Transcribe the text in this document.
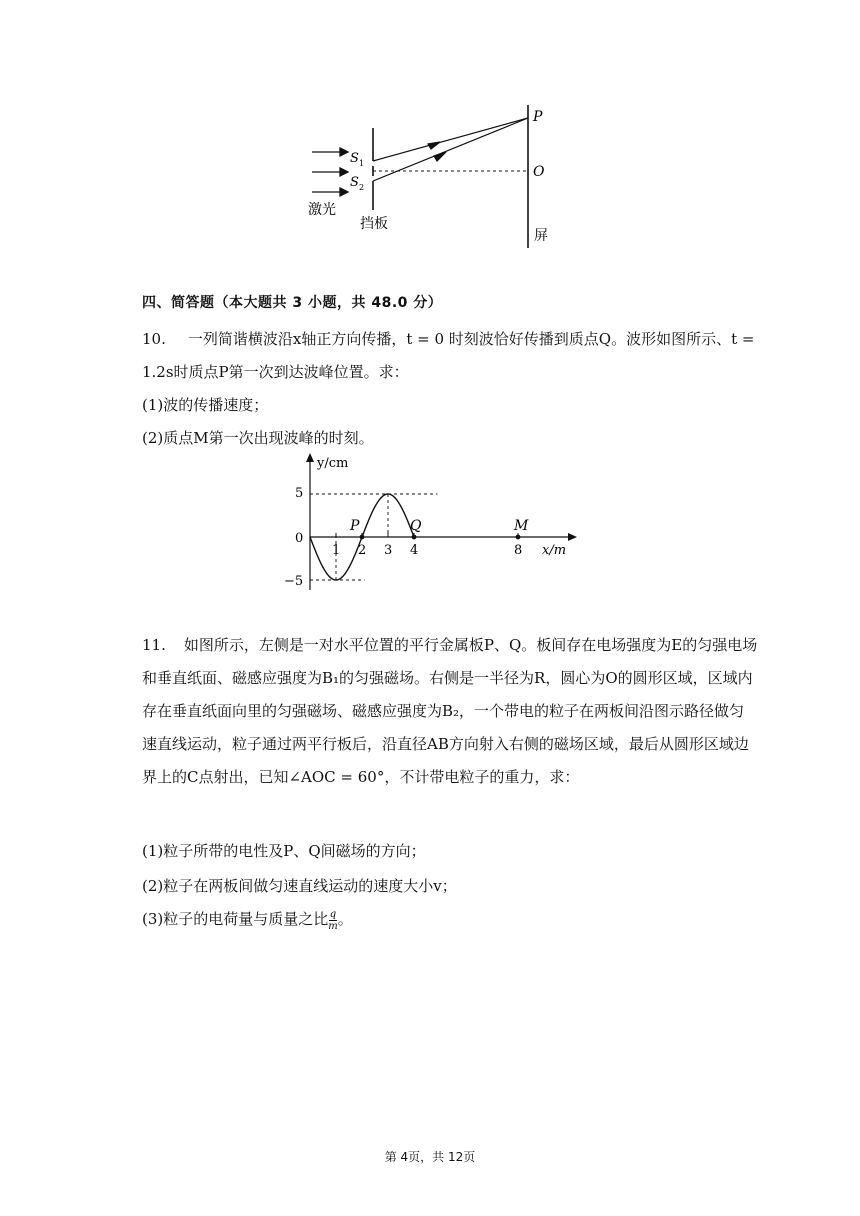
P
O
S 1
S 2
激光
挡板
屏
四、简答题（本大题共 3 小题，共 48.0 分）
10. 一列简谐横波沿x轴正方向传播，t = 0 时刻波恰好传播到质点Q。波形如图所示、t =
1.2s时质点P第一次到达波峰位置。求：
(1)波的传播速度；
(2)质点M第一次出现波峰的时刻。
y/cm
x/m
5
0
−5
1 2 3 4	8
P	Q	M
11. 如图所示，左侧是一对水平位置的平行金属板P、Q。板间存在电场强度为E的匀强电场
和垂直纸面、磁感应强度为B₁的匀强磁场。右侧是一半径为R，圆心为O的圆形区域，区域内
存在垂直纸面向里的匀强磁场、磁感应强度为B₂，一个带电的粒子在两板间沿图示路径做匀
速直线运动，粒子通过两平行板后，沿直径AB方向射入右侧的磁场区域，最后从圆形区域边
界上的C点射出，已知∠AOC = 60°，不计带电粒子的重力，求：
(1)粒子所带的电性及P、Q间磁场的方向；
(2)粒子在两板间做匀速直线运动的速度大小v；
(3)粒子的电荷量与质量之比 $\frac{q}{m}$ 。
第 4页，共 12页
